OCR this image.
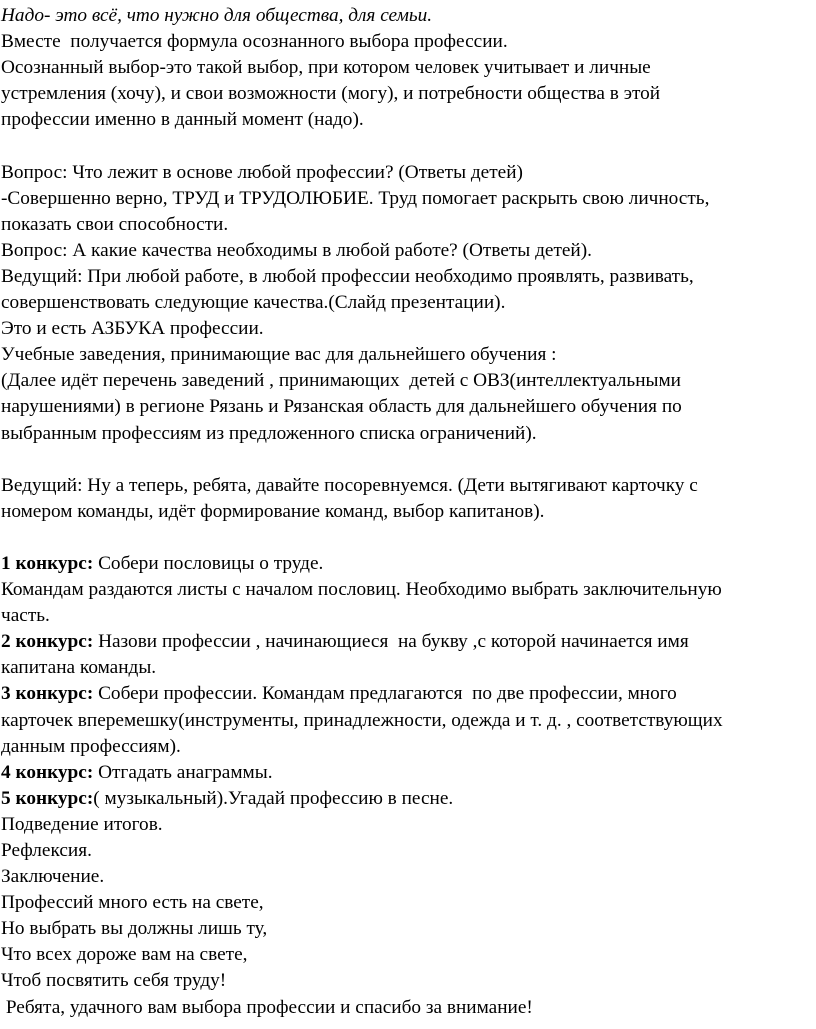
Надо- это всё, что нужно для общества, для семьи.
Вместе  получается формула осознанного выбора профессии.
Осознанный выбор-это такой выбор, при котором человек учитывает и личные
устремления (хочу), и свои возможности (могу), и потребности общества в этой
профессии именно в данный момент (надо).
Вопрос: Что лежит в основе любой профессии? (Ответы детей)
-Совершенно верно, ТРУД и ТРУДОЛЮБИЕ. Труд помогает раскрыть свою личность,
показать свои способности.
Вопрос: А какие качества необходимы в любой работе? (Ответы детей).
Ведущий: При любой работе, в любой профессии необходимо проявлять, развивать,
совершенствовать следующие качества.(Слайд презентации).
Это и есть АЗБУКА профессии.
Учебные заведения, принимающие вас для дальнейшего обучения :
(Далее идёт перечень заведений , принимающих  детей с ОВЗ(интеллектуальными
нарушениями) в регионе Рязань и Рязанская область для дальнейшего обучения по
выбранным профессиям из предложенного списка ограничений).
Ведущий: Ну а теперь, ребята, давайте посоревнуемся. (Дети вытягивают карточку с
номером команды, идёт формирование команд, выбор капитанов).
1 конкурс: Собери пословицы о труде.
Командам раздаются листы с началом пословиц. Необходимо выбрать заключительную
часть.
2 конкурс: Назови профессии , начинающиеся  на букву ,с которой начинается имя
капитана команды.
3 конкурс: Собери профессии. Командам предлагаются  по две профессии, много
карточек вперемешку(инструменты, принадлежности, одежда и т. д. , соответствующих
данным профессиям).
4 конкурс: Отгадать анаграммы.
5 конкурс:( музыкальный).Угадай профессию в песне.
Подведение итогов.
Рефлексия.
Заключение.
Профессий много есть на свете,
Но выбрать вы должны лишь ту,
Что всех дороже вам на свете,
Чтоб посвятить себя труду!
Ребята, удачного вам выбора профессии и спасибо за внимание!
